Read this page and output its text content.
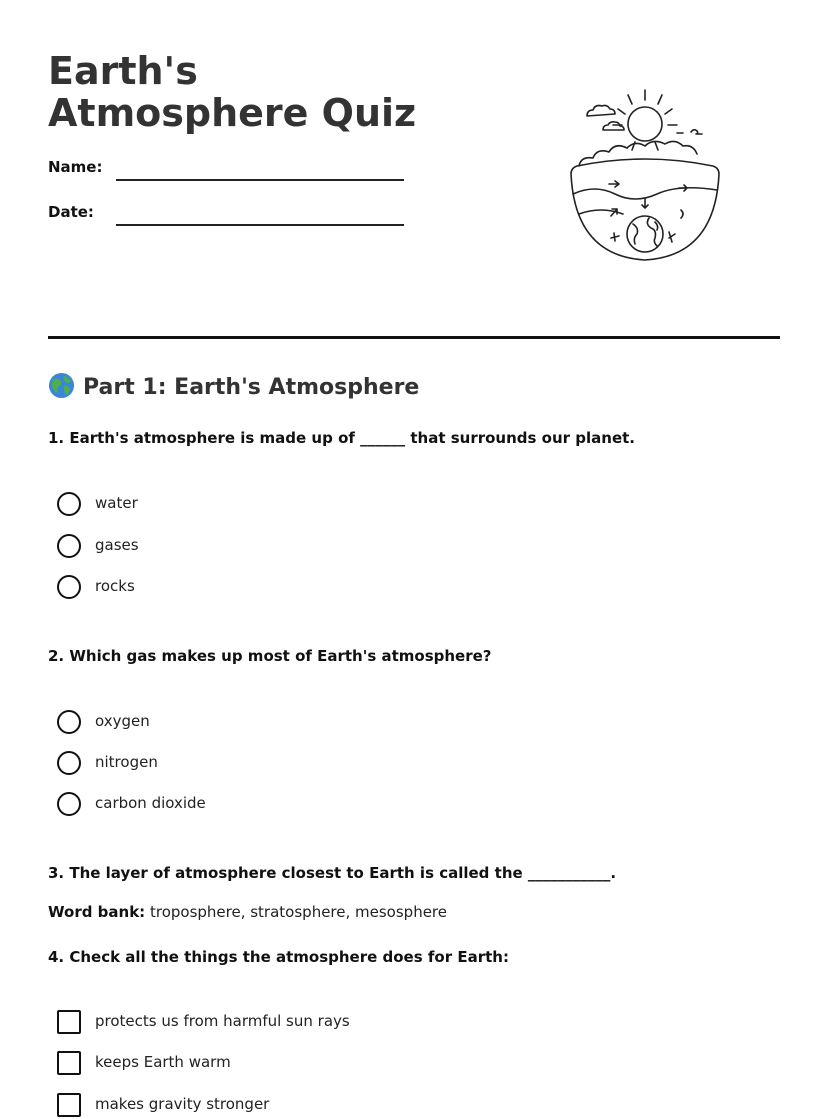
Earth's Atmosphere Quiz
Name:
Date:
Part 1: Earth's Atmosphere

1. Earth's atmosphere is made up of ______ that surrounds our planet.

water
gases
rocks

2. Which gas makes up most of Earth's atmosphere?

oxygen
nitrogen
carbon dioxide

3. The layer of atmosphere closest to Earth is called the ___________.

Word bank: troposphere, stratosphere, mesosphere

4. Check all the things the atmosphere does for Earth:

protects us from harmful sun rays
keeps Earth warm
makes gravity stronger
